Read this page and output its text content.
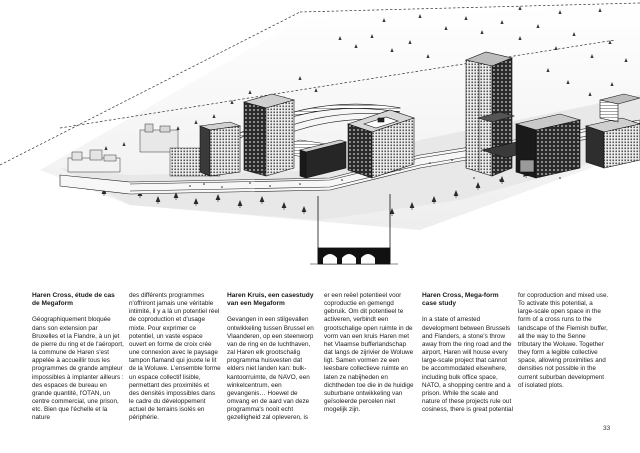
Haren Cross, étude de cas de Megaform

Géographiquement bloquée dans son extension par Bruxelles et la Flandre, à un jet de pierre du ring et de l'aéroport, la commune de Haren s'est appelée à accueillir tous les programmes de grande ampleur impossibles à implanter ailleurs : des espaces de bureau en grande quantité, l'OTAN, un centre commercial, une prison, etc. Bien que l'échelle et la nature

des différents programmes n'offriront jamais une véritable intimité, il y a là un potentiel réel de coproduction et d'usage mixte. Pour exprimer ce potentiel, un vaste espace ouvert en forme de croix crée une connexion avec le paysage tampon flamand qui jouxte le lit de la Woluwe. L'ensemble forme un espace collectif lisible, permettant des proximités et des densités impossibles dans le cadre du développement actuel de terrains isolés en périphérie.

Haren Kruis, een casestudy van een Megaform

Gevangen in een stilgevallen ontwikkeling tussen Brussel en Vlaanderen, op een steenworp van de ring en de luchthaven, zal Haren elk grootschalig programma huisvesten dat elders niet landen kan: bulk-kantoorruimte, de NAVO, een winkelcentrum, een gevangenis… Hoewel de omvang en de aard van deze programma's nooit echt gezelligheid zal opleveren, is

er een reëel potentieel voor coproductie en gemengd gebruik. Om dit potentieel te activeren, verbindt een grootschalige open ruimte in de vorm van een kruis Haren met het Vlaamse bufferlandschap dat langs de zijrivier de Woluwe ligt. Samen vormen ze een leesbare collectieve ruimte en laten ze nabijheden en dichtheden toe die in de huidige suburbane ontwikkeling van geïsoleerde percelen niet mogelijk zijn.

Haren Cross, Mega-form case study

In a state of arrested development between Brussels and Flanders, a stone's throw away from the ring road and the airport, Haren will house every large-scale project that cannot be accommodated elsewhere, including bulk office space, NATO, a shopping centre and a prison. While the scale and nature of these projects rule out cosiness, there is great potential

for coproduction and mixed use. To activate this potential, a large-scale open space in the form of a cross runs to the landscape of the Flemish buffer, all the way to the Senne tributary the Woluwe. Together they form a legible collective space, allowing proximities and densities not possible in the current suburban development of isolated plots.

33
